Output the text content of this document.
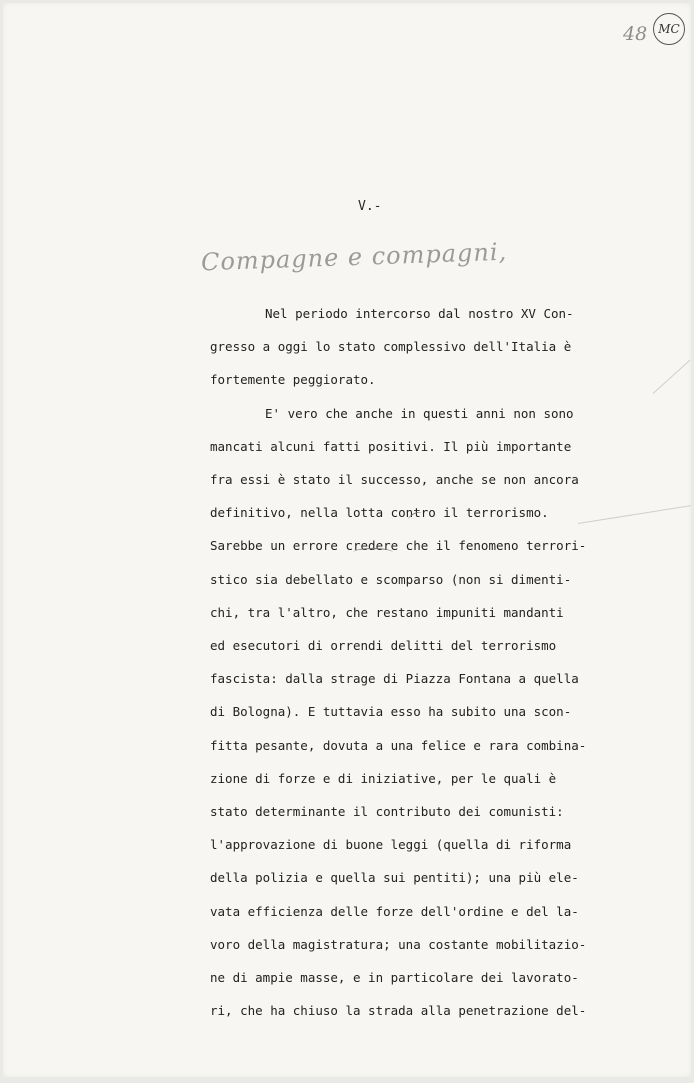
48 MC
V.-
Compagne e compagni,
Nel periodo intercorso dal nostro XV Con-
gresso a oggi lo stato complessivo dell'Italia è
fortemente peggiorato.
E' vero che anche in questi anni non sono
mancati alcuni fatti positivi. Il più importante
fra essi è stato il successo, anche se non ancora
definitivo, nella lotta contro il terrorismo.
Sarebbe un errore credere che il fenomeno terrori-
stico sia debellato e scomparso (non si dimenti-
chi, tra l'altro, che restano impuniti mandanti
ed esecutori di orrendi delitti del terrorismo
fascista: dalla strage di Piazza Fontana a quella
di Bologna). E tuttavia esso ha subito una scon-
fitta pesante, dovuta a una felice e rara combina-
zione di forze e di iniziative, per le quali è
stato determinante il contributo dei comunisti:
l'approvazione di buone leggi (quella di riforma
della polizia e quella sui pentiti); una più ele-
vata efficienza delle forze dell'ordine e del la-
voro della magistratura; una costante mobilitazio-
ne di ampie masse, e in particolare dei lavorato-
ri, che ha chiuso la strada alla penetrazione del-
